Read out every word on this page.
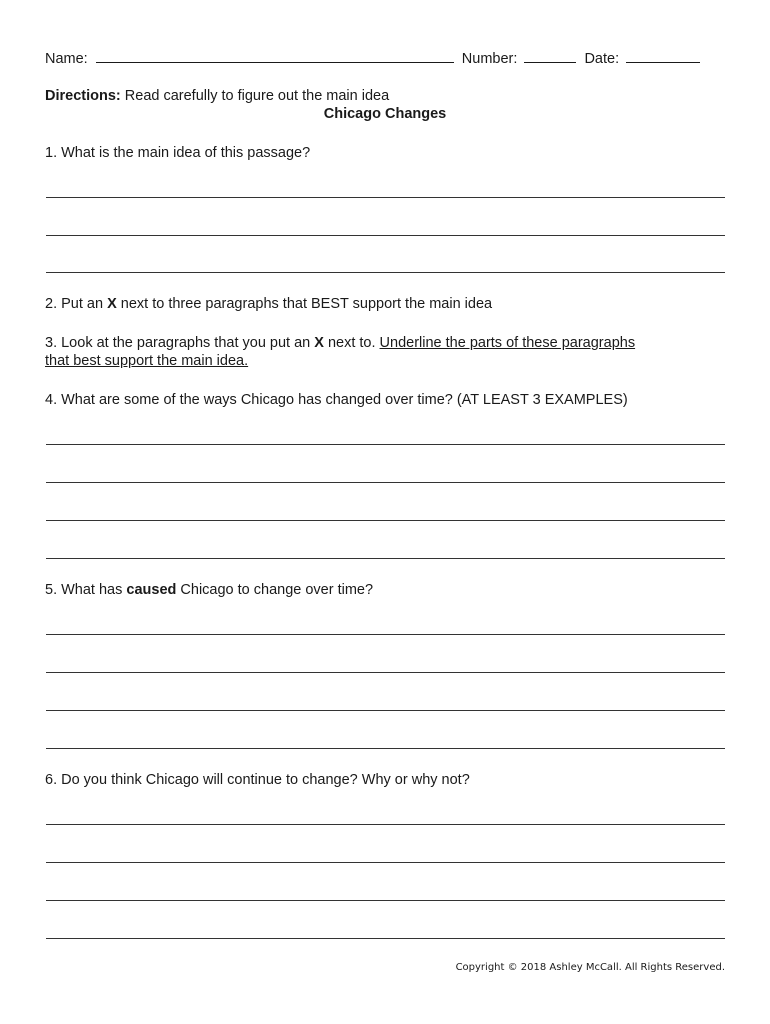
Name:	Number:	Date:
Directions: Read carefully to figure out the main idea
Chicago Changes
1. What is the main idea of this passage?
2. Put an X next to three paragraphs that BEST support the main idea
3. Look at the paragraphs that you put an X next to. Underline the parts of these paragraphs
that best support the main idea.
4. What are some of the ways Chicago has changed over time? (AT LEAST 3 EXAMPLES)
5. What has caused Chicago to change over time?
6. Do you think Chicago will continue to change? Why or why not?
Copyright © 2018 Ashley McCall. All Rights Reserved.
